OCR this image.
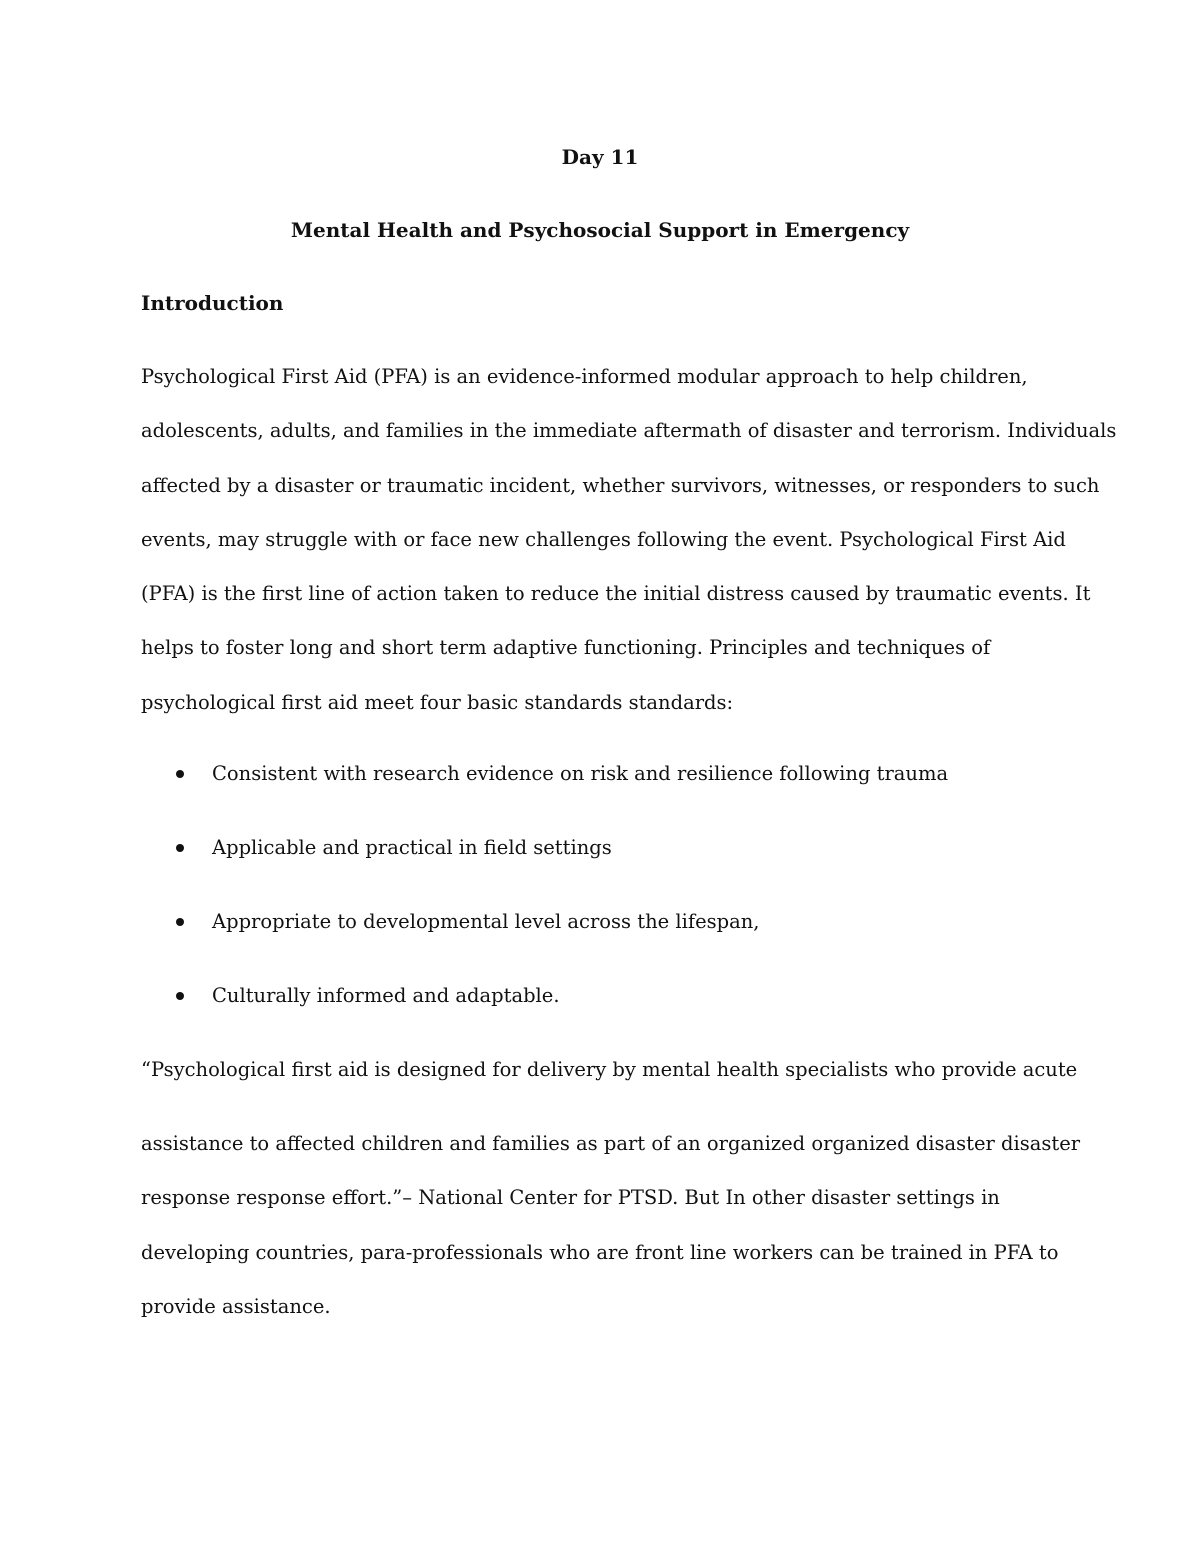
Day 11
Mental Health and Psychosocial Support in Emergency
Introduction
Psychological First Aid (PFA) is an evidence-informed modular approach to help children,
adolescents, adults, and families in the immediate aftermath of disaster and terrorism. Individuals
affected by a disaster or traumatic incident, whether survivors, witnesses, or responders to such
events, may struggle with or face new challenges following the event. Psychological First Aid
(PFA) is the first line of action taken to reduce the initial distress caused by traumatic events. It
helps to foster long and short term adaptive functioning. Principles and techniques of
psychological first aid meet four basic standards standards:
Consistent with research evidence on risk and resilience following trauma
Applicable and practical in field settings
Appropriate to developmental level across the lifespan,
Culturally informed and adaptable.
“Psychological first aid is designed for delivery by mental health specialists who provide acute
assistance to affected children and families as part of an organized organized disaster disaster
response response effort.”– National Center for PTSD. But In other disaster settings in
developing countries, para-professionals who are front line workers can be trained in PFA to
provide assistance.
